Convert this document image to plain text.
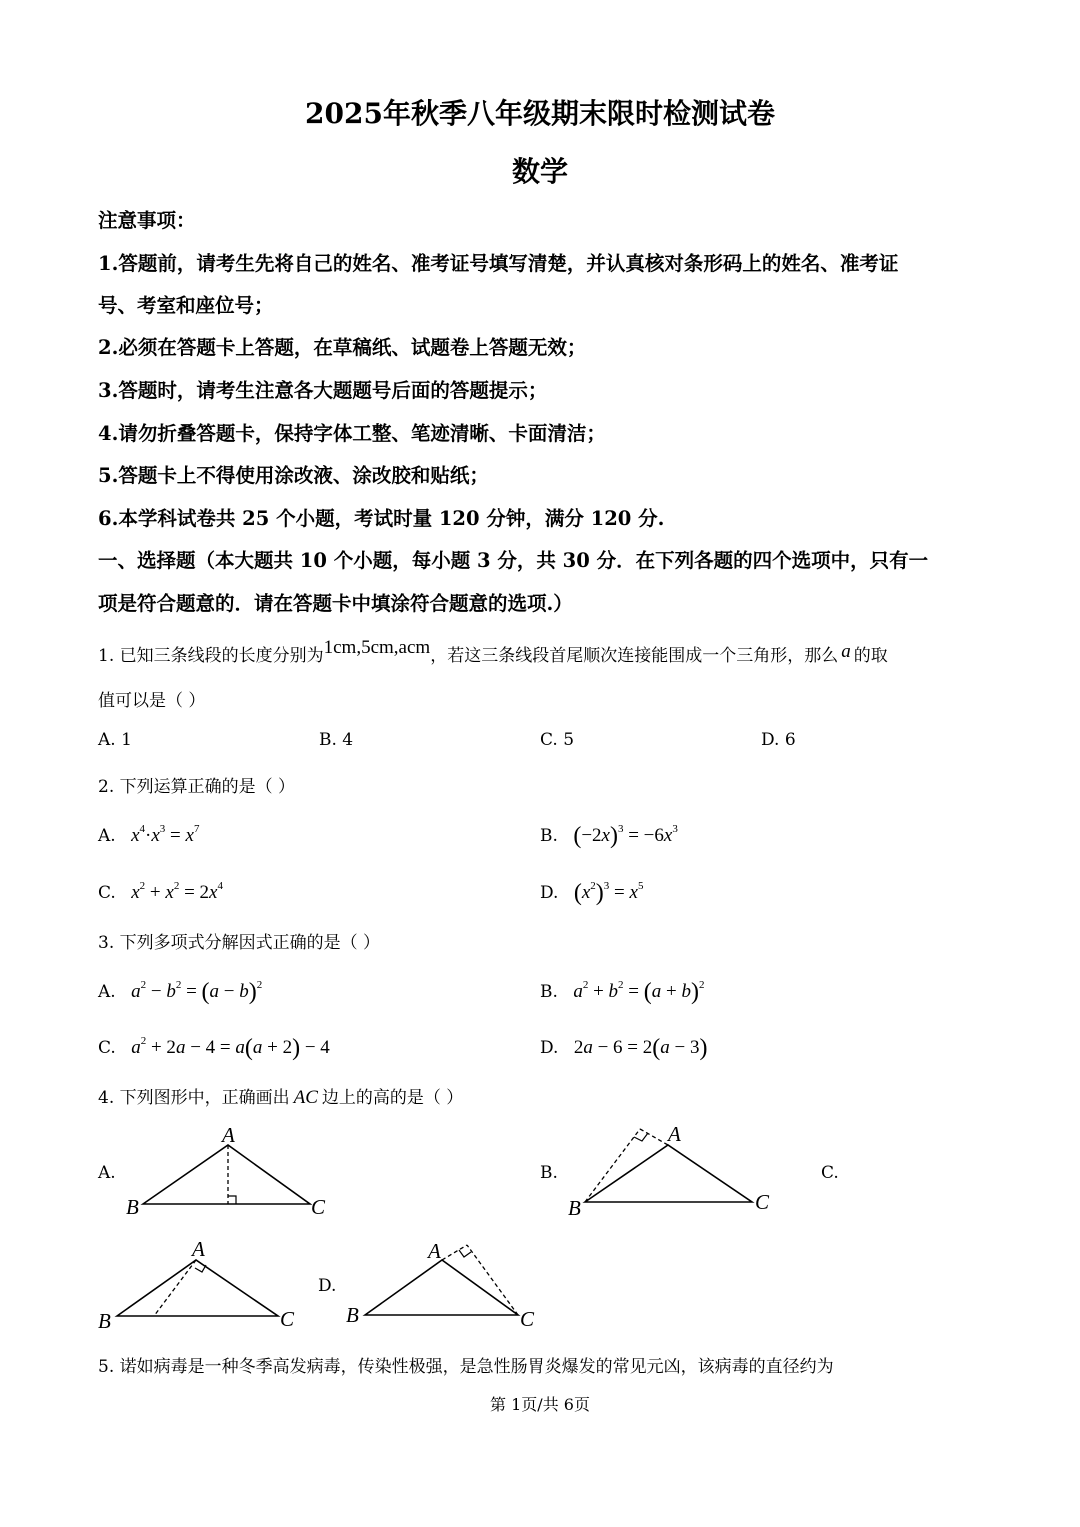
2025年秋季八年级期末限时检测试卷
数学
注意事项：
1.答题前，请考生先将自己的姓名、准考证号填写清楚，并认真核对条形码上的姓名、准考证
号、考室和座位号；
2.必须在答题卡上答题，在草稿纸、试题卷上答题无效；
3.答题时，请考生注意各大题题号后面的答题提示；
4.请勿折叠答题卡，保持字体工整、笔迹清晰、卡面清洁；
5.答题卡上不得使用涂改液、涂改胶和贴纸；
6.本学科试卷共 25 个小题，考试时量 120 分钟，满分 120 分.
一、选择题（本大题共 10 个小题，每小题 3 分，共 30 分．在下列各题的四个选项中，只有一
项是符合题意的．请在答题卡中填涂符合题意的选项.）
1. 已知三条线段的长度分别为1cm,5cm,acm，若这三条线段首尾顺次连接能围成一个三角形，那么 a 的取
值可以是（ ）
A. 1	B. 4	C. 5	D. 6
2. 下列运算正确的是（ ）
A. $x^4\cdot x^3 = x^7$	B. $(-2x)^3 = -6x^3$
C. $x^2 + x^2 = 2x^4$	D. $(x^2)^3 = x^5$
3. 下列多项式分解因式正确的是（ ）
A. $a^2 - b^2 = (a - b)^2$	B. $a^2 + b^2 = (a + b)^2$
C. $a^2 + 2a - 4 = a(a + 2) - 4$	D. 2a − 6 = 2(a − 3)
4. 下列图形中，正确画出 AC 边上的高的是（ ）
A.	B.	C.
D.
A
B	C
A
B	C
A
B	C
A
B	C
5. 诺如病毒是一种冬季高发病毒，传染性极强，是急性肠胃炎爆发的常见元凶，该病毒的直径约为
第 1页/共 6页
